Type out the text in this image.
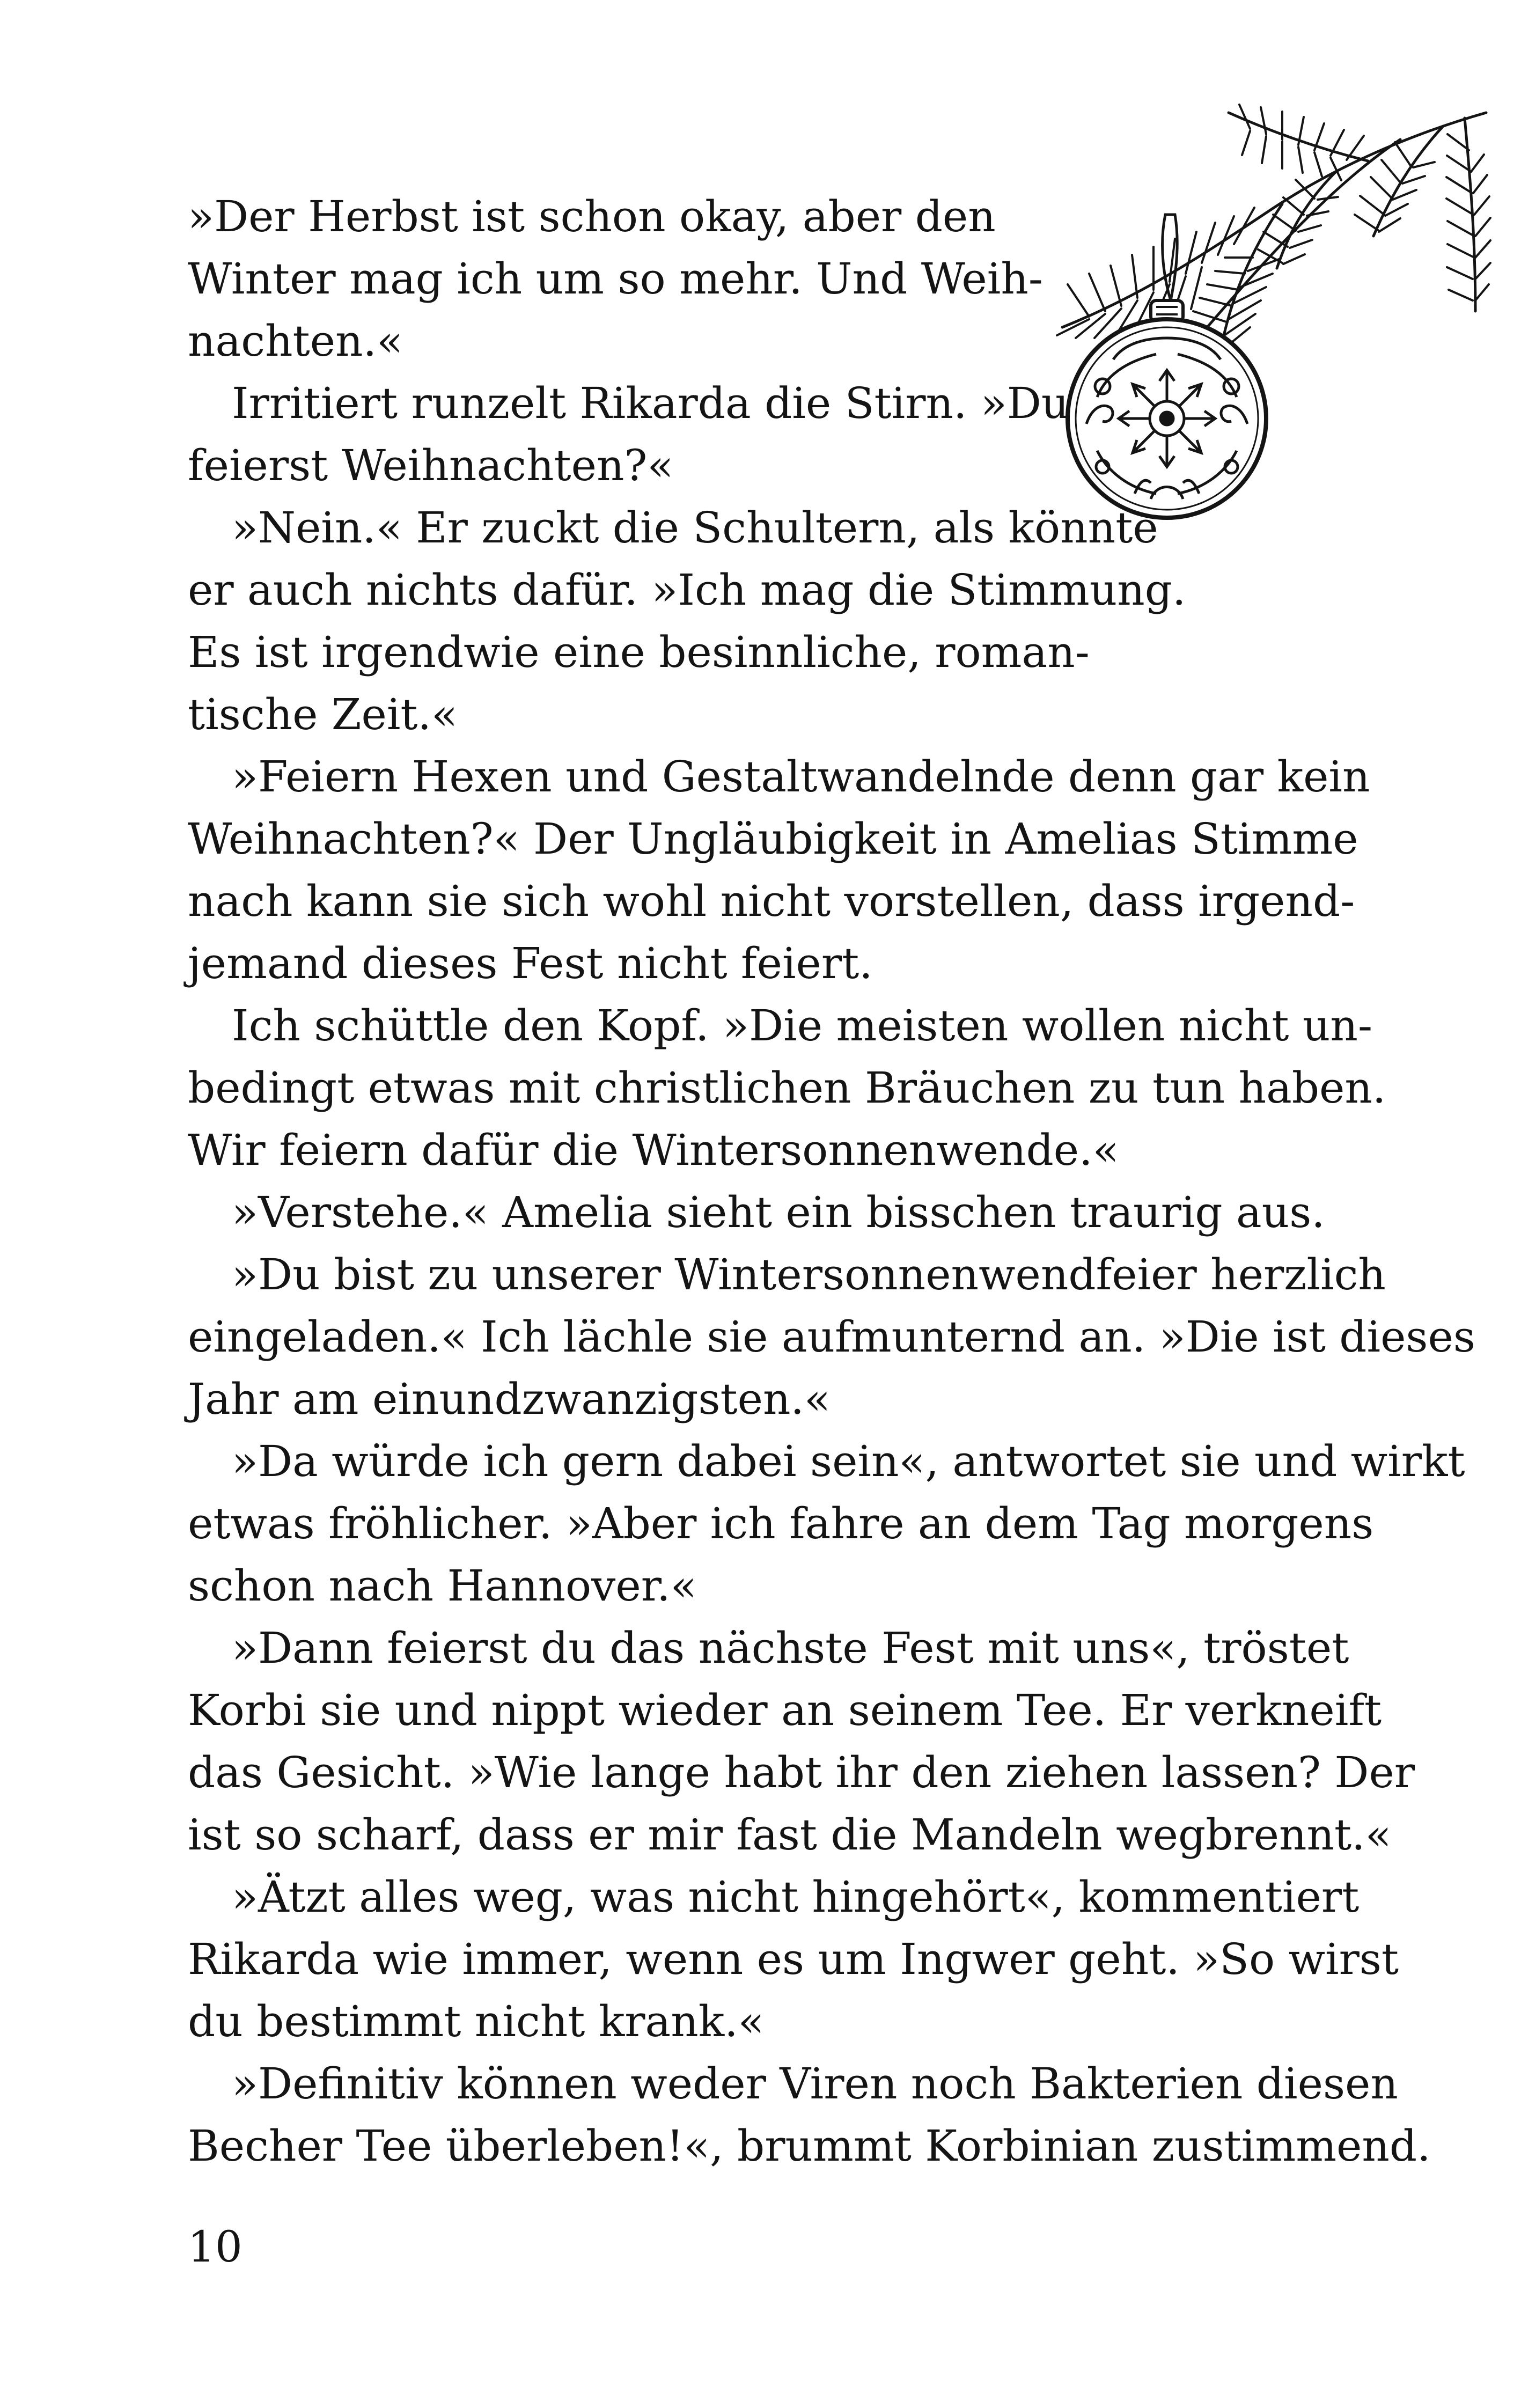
»Der Herbst ist schon okay, aber den

Winter mag ich um so mehr. Und Weih-

nachten.«

Irritiert runzelt Rikarda die Stirn. »Du

feierst Weihnachten?«

»Nein.« Er zuckt die Schultern, als könnte

er auch nichts dafür. »Ich mag die Stimmung.

Es ist irgendwie eine besinnliche, roman-

tische Zeit.«

»Feiern Hexen und Gestaltwandelnde denn gar kein

Weihnachten?« Der Ungläubigkeit in Amelias Stimme

nach kann sie sich wohl nicht vorstellen, dass irgend-

jemand dieses Fest nicht feiert.

Ich schüttle den Kopf. »Die meisten wollen nicht un-

bedingt etwas mit christlichen Bräuchen zu tun haben.

Wir feiern dafür die Wintersonnenwende.«

»Verstehe.« Amelia sieht ein bisschen traurig aus.

»Du bist zu unserer Wintersonnenwendfeier herzlich

eingeladen.« Ich lächle sie aufmunternd an. »Die ist dieses

Jahr am einundzwanzigsten.«

»Da würde ich gern dabei sein«, antwortet sie und wirkt

etwas fröhlicher. »Aber ich fahre an dem Tag morgens

schon nach Hannover.«

»Dann feierst du das nächste Fest mit uns«, tröstet

Korbi sie und nippt wieder an seinem Tee. Er verkneift

das Gesicht. »Wie lange habt ihr den ziehen lassen? Der

ist so scharf, dass er mir fast die Mandeln wegbrennt.«

»Ätzt alles weg, was nicht hingehört«, kommentiert

Rikarda wie immer, wenn es um Ingwer geht. »So wirst

du bestimmt nicht krank.«

»Definitiv können weder Viren noch Bakterien diesen

Becher Tee überleben!«, brummt Korbinian zustimmend.

10
